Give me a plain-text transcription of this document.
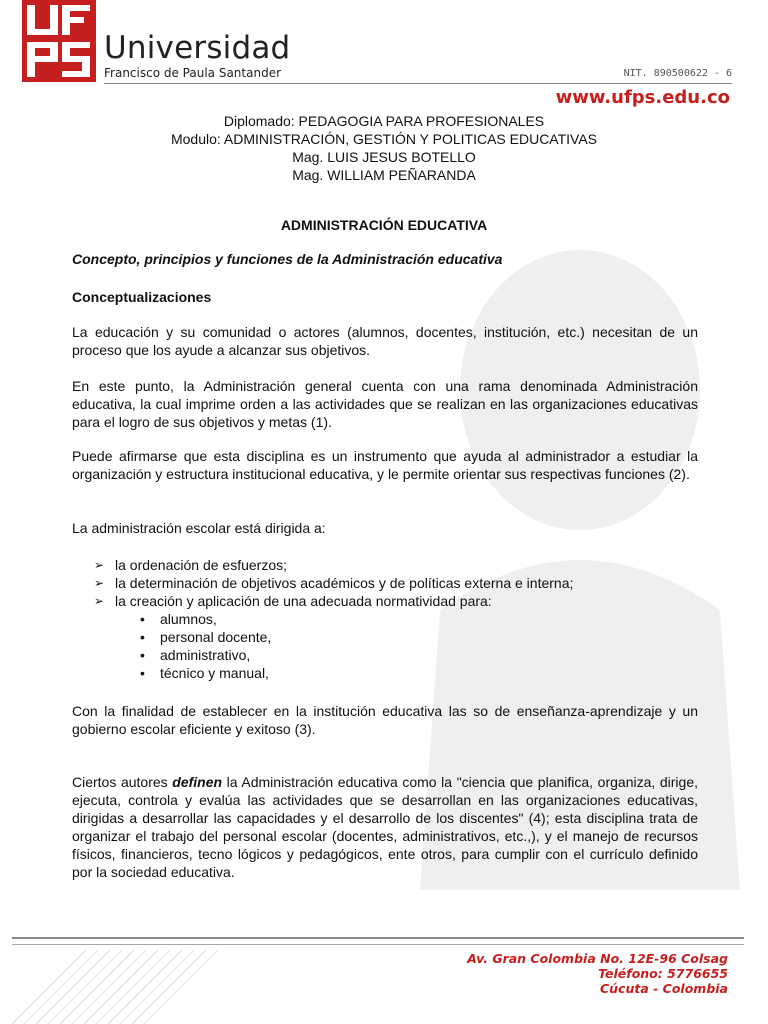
Universidad
Francisco de Paula Santander	NIT. 890500622 - 6
www.ufps.edu.co
Diplomado: PEDAGOGIA PARA PROFESIONALES
Modulo: ADMINISTRACIÓN, GESTIÓN Y POLITICAS EDUCATIVAS
Mag. LUIS JESUS BOTELLO
Mag. WILLIAM PEÑARANDA
ADMINISTRACIÓN EDUCATIVA
Concepto, principios y funciones de la Administración educativa
Conceptualizaciones
La educación y su comunidad o actores (alumnos, docentes, institución, etc.) necesitan de un proceso que los ayude a alcanzar sus objetivos.
En este punto, la Administración general cuenta con una rama denominada Administración educativa, la cual imprime orden a las actividades que se realizan en las organizaciones educativas para el logro de sus objetivos y metas (1).
Puede afirmarse que esta disciplina es un instrumento que ayuda al administrador a estudiar la organización y estructura institucional educativa, y le permite orientar sus respectivas funciones (2).
La administración escolar está dirigida a:
➢ la ordenación de esfuerzos;
➢ la determinación de objetivos académicos y de políticas externa e interna;
➢ la creación y aplicación de una adecuada normatividad para:
• alumnos,
• personal docente,
• administrativo,
• técnico y manual,
Con la finalidad de establecer en la institución educativa las so de enseñanza-aprendizaje y un gobierno escolar eficiente y exitoso (3).
Ciertos autores definen la Administración educativa como la "ciencia que planifica, organiza, dirige, ejecuta, controla y evalúa las actividades que se desarrollan en las organizaciones educativas, dirigidas a desarrollar las capacidades y el desarrollo de los discentes" (4); esta disciplina trata de organizar el trabajo del personal escolar (docentes, administrativos, etc.,), y el manejo de recursos físicos, financieros, tecno lógicos y pedagógicos, ente otros, para cumplir con el currículo definido por la sociedad educativa.
Av. Gran Colombia No. 12E-96 Colsag
Teléfono: 5776655
Cúcuta - Colombia
